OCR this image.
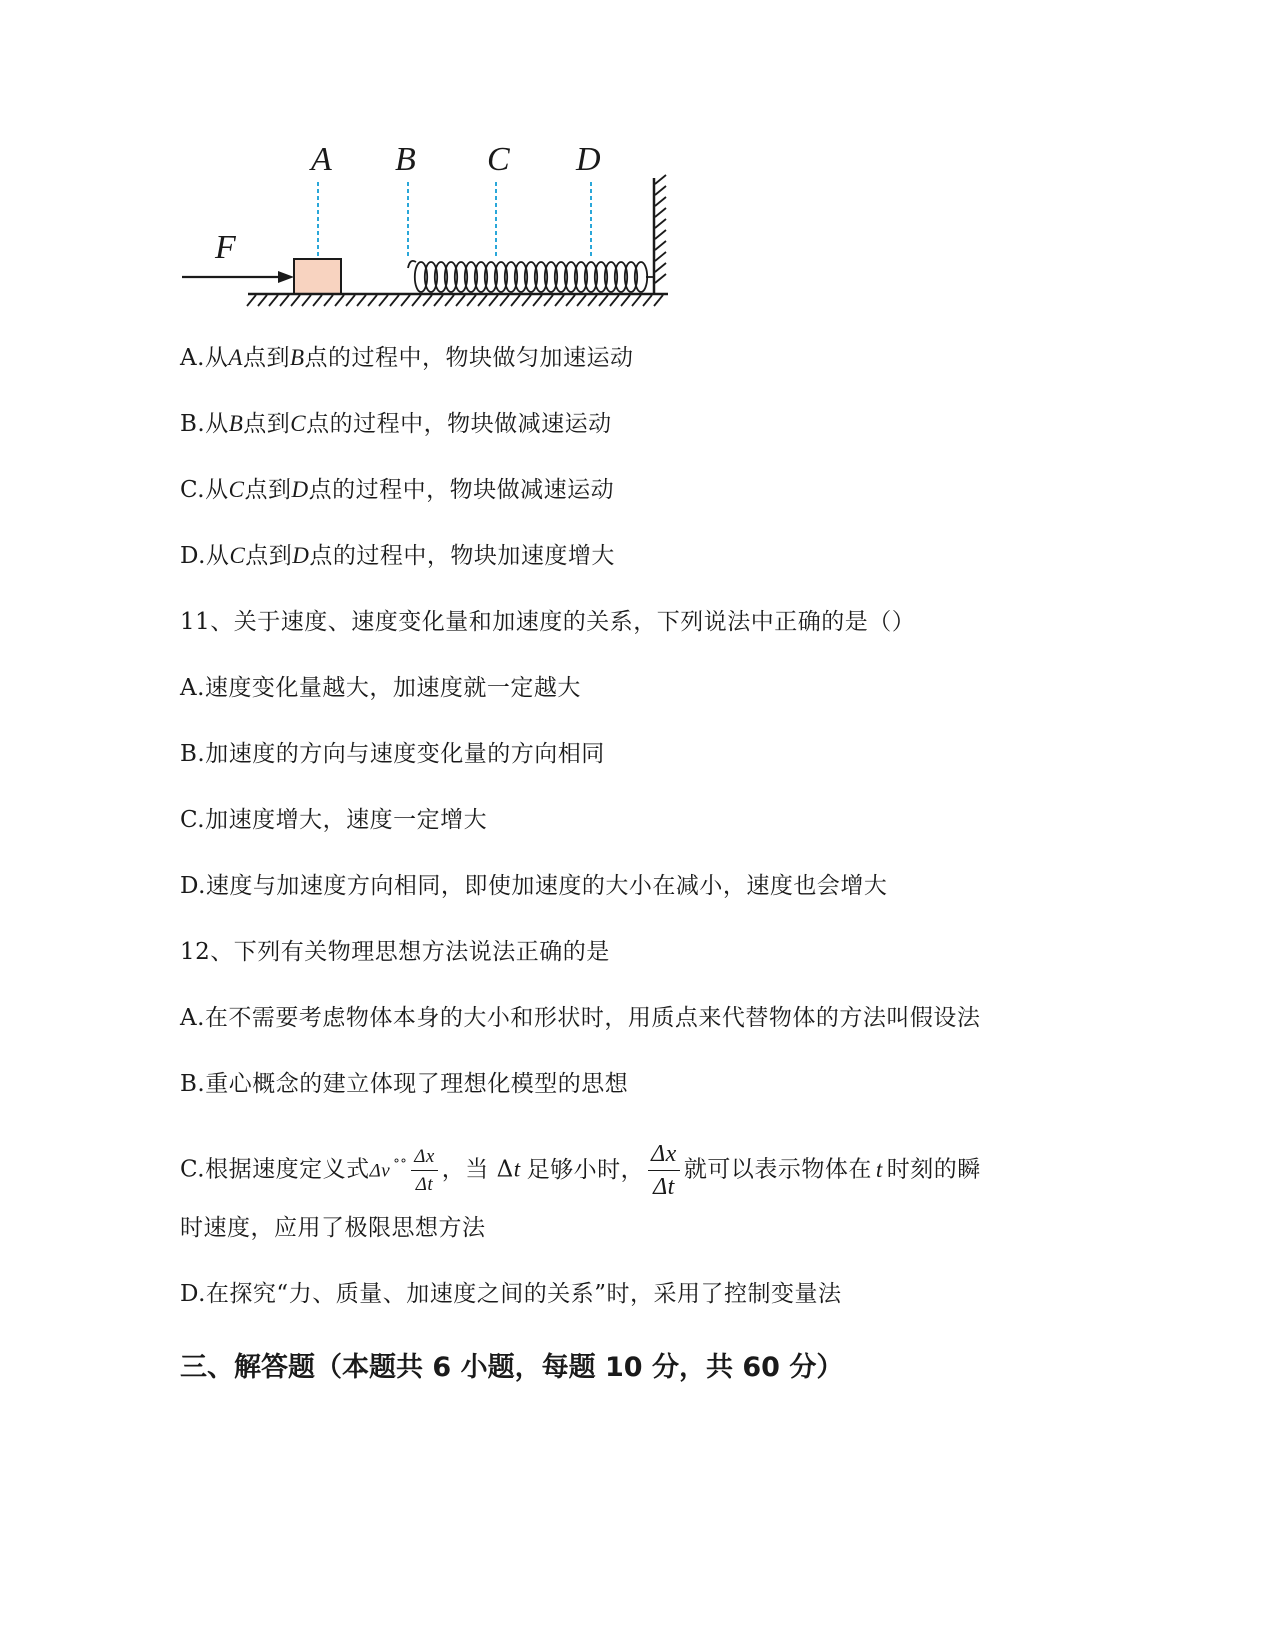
A B C D
F
A.从A点到B点的过程中，物块做匀加速运动
B.从B点到C点的过程中，物块做减速运动
C.从C点到D点的过程中，物块做减速运动
D.从C点到D点的过程中，物块加速度增大
11、关于速度、速度变化量和加速度的关系，下列说法中正确的是（）
A.速度变化量越大，加速度就一定越大
B.加速度的方向与速度变化量的方向相同
C.加速度增大，速度一定增大
D.速度与加速度方向相同，即使加速度的大小在减小，速度也会增大
12、下列有关物理思想方法说法正确的是
A.在不需要考虑物体本身的大小和形状时，用质点来代替物体的方法叫假设法
B.重心概念的建立体现了理想化模型的思想
C.根据速度定义式Δv $^{^\circ^\circ} \frac{\Delta x}{\Delta t}$ ，当 Δt 足够小时， $\frac{\Delta x}{\Delta t}$ 就可以表示物体在 t 时刻的瞬
时速度，应用了极限思想方法
D.在探究“力、质量、加速度之间的关系”时，采用了控制变量法
三、解答题（本题共 6 小题，每题 10 分，共 60 分）
